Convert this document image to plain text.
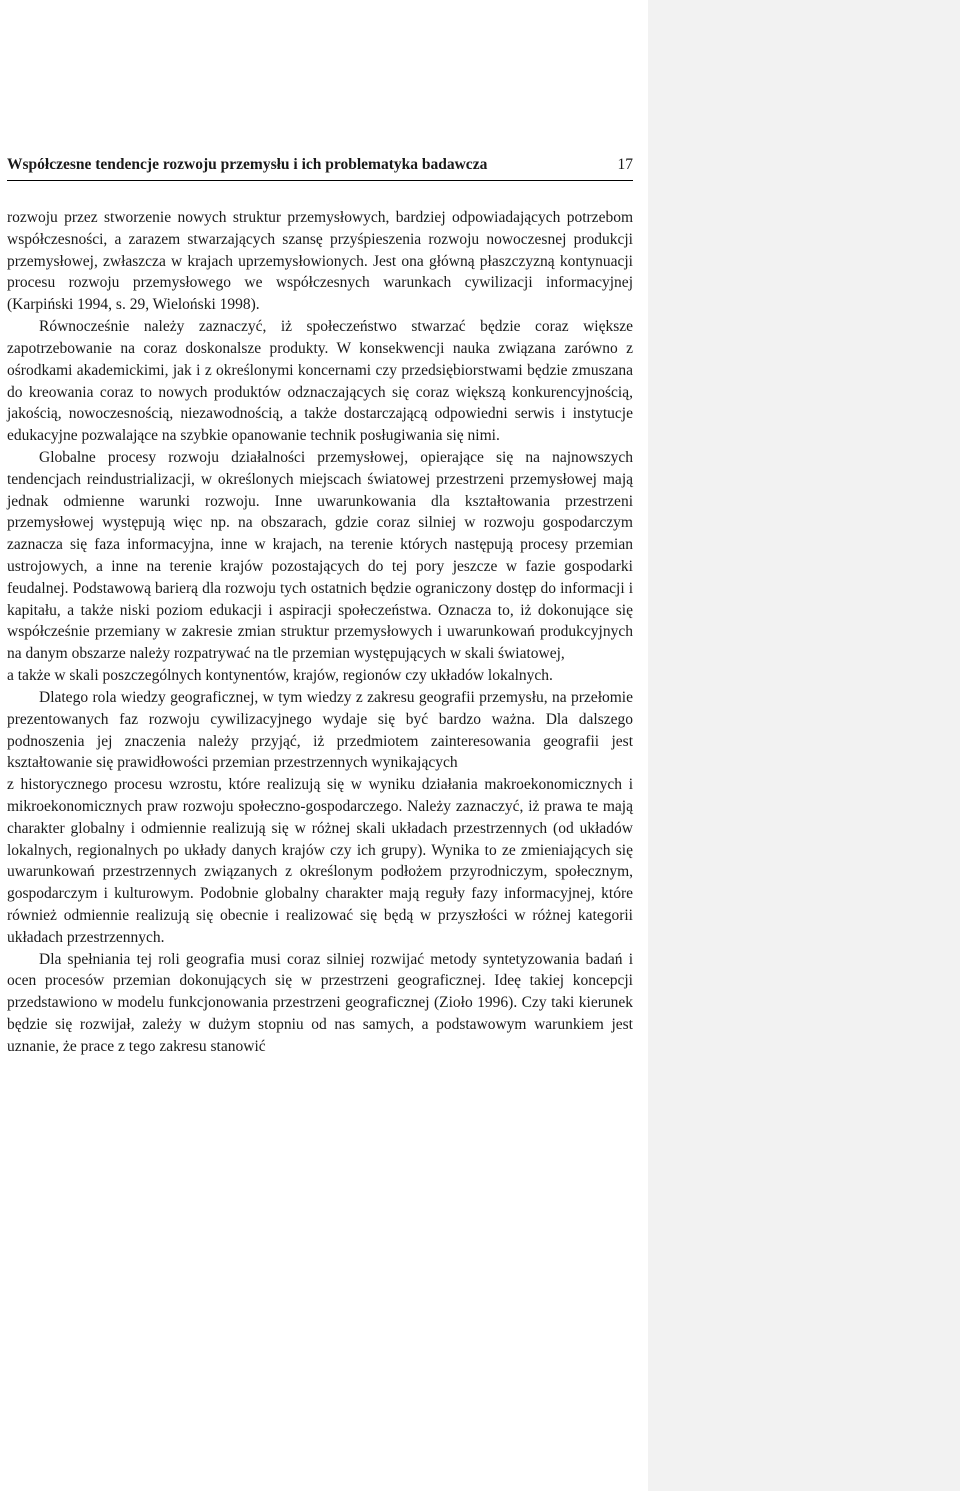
Współczesne tendencje rozwoju przemysłu i ich problematyka badawcza	17

rozwoju przez stworzenie nowych struktur przemysłowych, bardziej odpowiadających potrzebom współczesności, a zarazem stwarzających szansę przyśpieszenia rozwoju nowoczesnej produkcji przemysłowej, zwłaszcza w krajach uprzemysłowionych. Jest ona główną płaszczyzną kontynuacji procesu rozwoju przemysłowego we współczesnych warunkach cywilizacji informacyjnej (Karpiński 1994, s. 29, Wieloński 1998).

Równocześnie należy zaznaczyć, iż społeczeństwo stwarzać będzie coraz większe zapotrzebowanie na coraz doskonalsze produkty. W konsekwencji nauka związana zarówno z ośrodkami akademickimi, jak i z określonymi koncernami czy przedsiębiorstwami będzie zmuszana do kreowania coraz to nowych produktów odznaczających się coraz większą konkurencyjnością, jakością, nowoczesnością, niezawodnością, a także dostarczającą odpowiedni serwis i instytucje edukacyjne pozwalające na szybkie opanowanie technik posługiwania się nimi.

Globalne procesy rozwoju działalności przemysłowej, opierające się na najnowszych tendencjach reindustrializacji, w określonych miejscach światowej przestrzeni przemysłowej mają jednak odmienne warunki rozwoju. Inne uwarunkowania dla kształtowania przestrzeni przemysłowej występują więc np. na obszarach, gdzie coraz silniej w rozwoju gospodarczym zaznacza się faza informacyjna, inne w krajach, na terenie których następują procesy przemian ustrojowych, a inne na terenie krajów pozostających do tej pory jeszcze w fazie gospodarki feudalnej. Podstawową barierą dla rozwoju tych ostatnich będzie ograniczony dostęp do informacji i kapitału, a także niski poziom edukacji i aspiracji społeczeństwa. Oznacza to, iż dokonujące się współcześnie przemiany w zakresie zmian struktur przemysłowych i uwarunkowań produkcyjnych na danym obszarze należy rozpatrywać na tle przemian występujących w skali światowej,

a także w skali poszczególnych kontynentów, krajów, regionów czy układów lokalnych.

Dlatego rola wiedzy geograficznej, w tym wiedzy z zakresu geografii przemysłu, na przełomie prezentowanych faz rozwoju cywilizacyjnego wydaje się być bardzo ważna. Dla dalszego podnoszenia jej znaczenia należy przyjąć, iż przedmiotem zainteresowania geografii jest kształtowanie się prawidłowości przemian przestrzennych wynikających

z historycznego procesu wzrostu, które realizują się w wyniku działania makroekonomicznych i mikroekonomicznych praw rozwoju społeczno-gospodarczego. Należy zaznaczyć, iż prawa te mają charakter globalny i odmiennie realizują się w różnej skali układach przestrzennych (od układów lokalnych, regionalnych po układy danych krajów czy ich grupy). Wynika to ze zmieniających się uwarunkowań przestrzennych związanych z określonym podłożem przyrodniczym, społecznym, gospodarczym i kulturowym. Podobnie globalny charakter mają reguły fazy informacyjnej, które również odmiennie realizują się obecnie i realizować się będą w przyszłości w różnej kategorii układach przestrzennych.

Dla spełniania tej roli geografia musi coraz silniej rozwijać metody syntetyzowania badań i ocen procesów przemian dokonujących się w przestrzeni geograficznej. Ideę takiej koncepcji przedstawiono w modelu funkcjonowania przestrzeni geograficznej (Zioło 1996). Czy taki kierunek będzie się rozwijał, zależy w dużym stopniu od nas samych, a podstawowym warunkiem jest uznanie, że prace z tego zakresu stanowić
